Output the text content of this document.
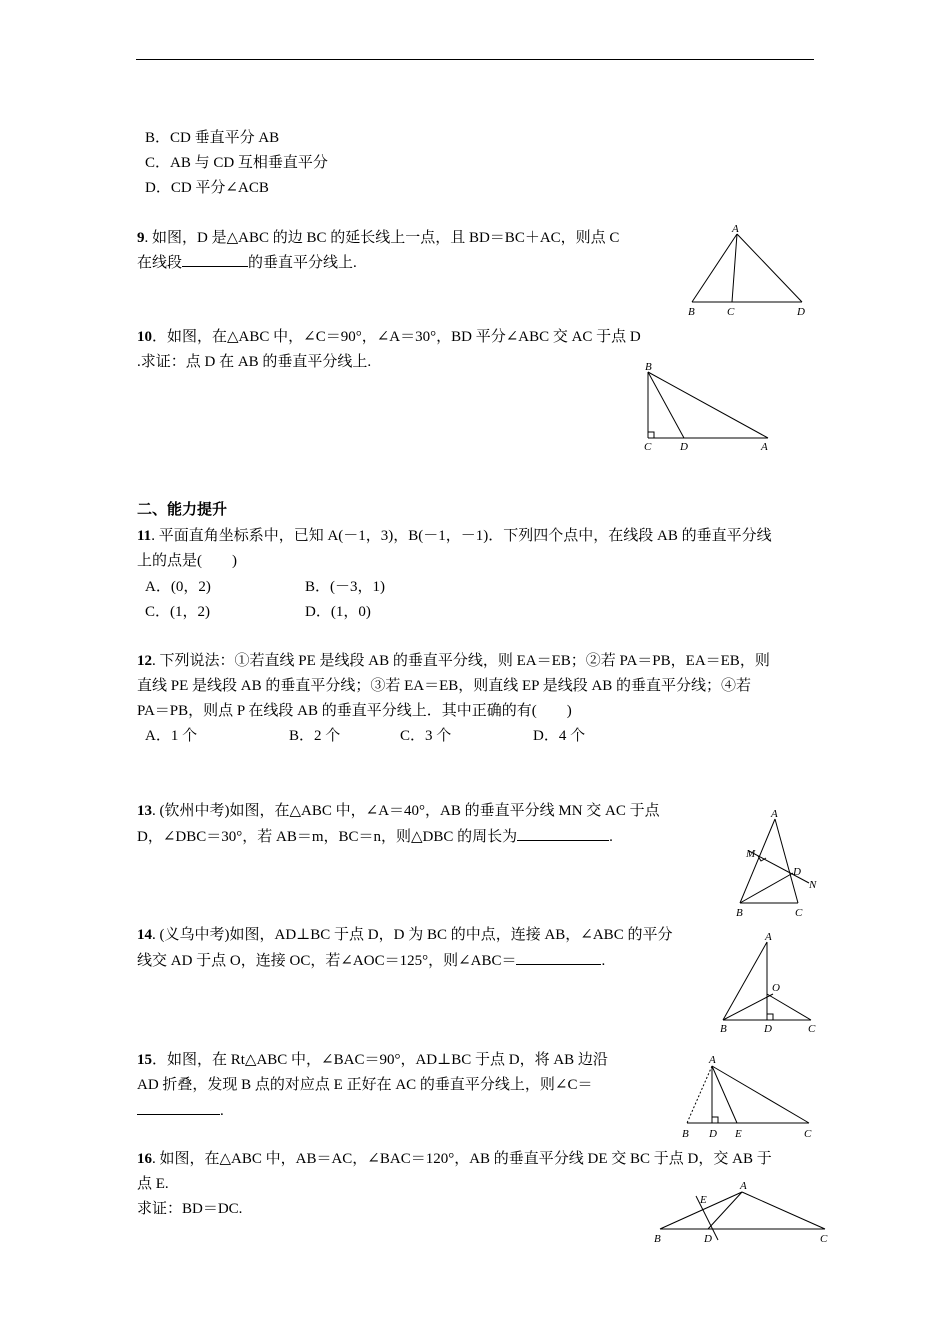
B．CD 垂直平分 AB
C．AB 与 CD 互相垂直平分
D．CD 平分∠ACB
9. 如图，D 是△ABC 的边 BC 的延长线上一点，且 BD＝BC＋AC，则点 C
在线段	的垂直平分线上.
A
B	C	D
10．如图，在△ABC 中，∠C＝90°，∠A＝30°，BD 平分∠ABC 交 AC 于点 D
.求证：点 D 在 AB 的垂直平分线上.	B
C	D	A
二、能力提升
11. 平面直角坐标系中，已知 A(－1，3)，B(－1，－1)．下列四个点中，在线段 AB 的垂直平分线
上的点是(　　)
A．(0，2)	B．(－3，1)
C．(1，2)	D．(1，0)
12. 下列说法：①若直线 PE 是线段 AB 的垂直平分线，则 EA＝EB；②若 PA＝PB，EA＝EB，则
直线 PE 是线段 AB 的垂直平分线；③若 EA＝EB，则直线 EP 是线段 AB 的垂直平分线；④若
PA＝PB，则点 P 在线段 AB 的垂直平分线上．其中正确的有(　　)
A．1 个	B．2 个	C．3 个	D．4 个
13. (钦州中考)如图，在△ABC 中，∠A＝40°，AB 的垂直平分线 MN 交 AC 于点
D，∠DBC＝30°，若 AB＝m，BC＝n，则△DBC 的周长为	.
A
M
D
N
B	C
14. (义乌中考)如图，AD⊥BC 于点 D，D 为 BC 的中点，连接 AB，∠ABC 的平分
线交 AD 于点 O，连接 OC，若∠AOC＝125°，则∠ABC＝	.
A
O
B	D	C
15．如图，在 Rt△ABC 中，∠BAC＝90°，AD⊥BC 于点 D，将 AB 边沿
AD 折叠，发现 B 点的对应点 E 正好在 AC 的垂直平分线上，则∠C＝
.
A
B D E	C
16. 如图，在△ABC 中，AB＝AC，∠BAC＝120°，AB 的垂直平分线 DE 交 BC 于点 D，交 AB 于
点 E.
求证：BD＝DC.
A
E
B	D	C
